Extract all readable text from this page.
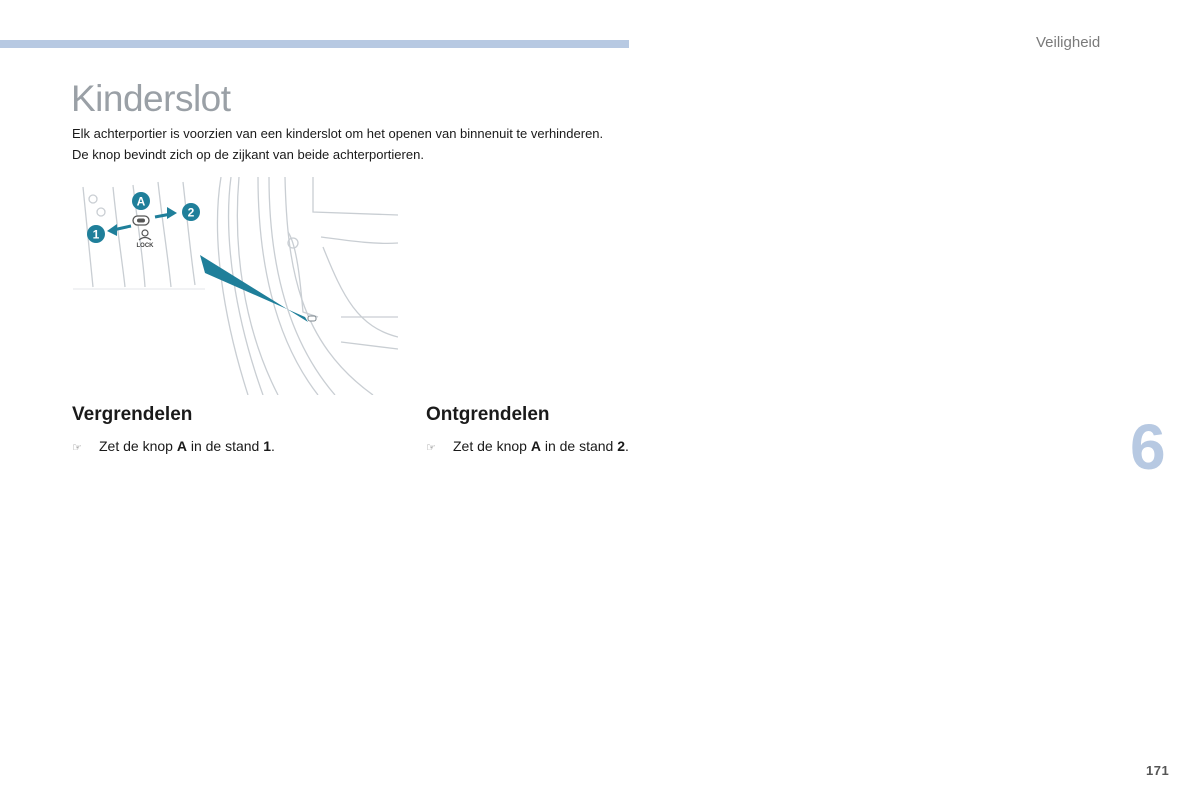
Veiligheid
Kinderslot

Elk achterportier is voorzien van een kinderslot om het openen van binnenuit te verhinderen.

De knop bevindt zich op de zijkant van beide achterportieren.

LOCK
A
1
2
Vergrendelen
☞	Zet de knop A in de stand 1.
Ontgrendelen
☞	Zet de knop A in de stand 2.	6
171
